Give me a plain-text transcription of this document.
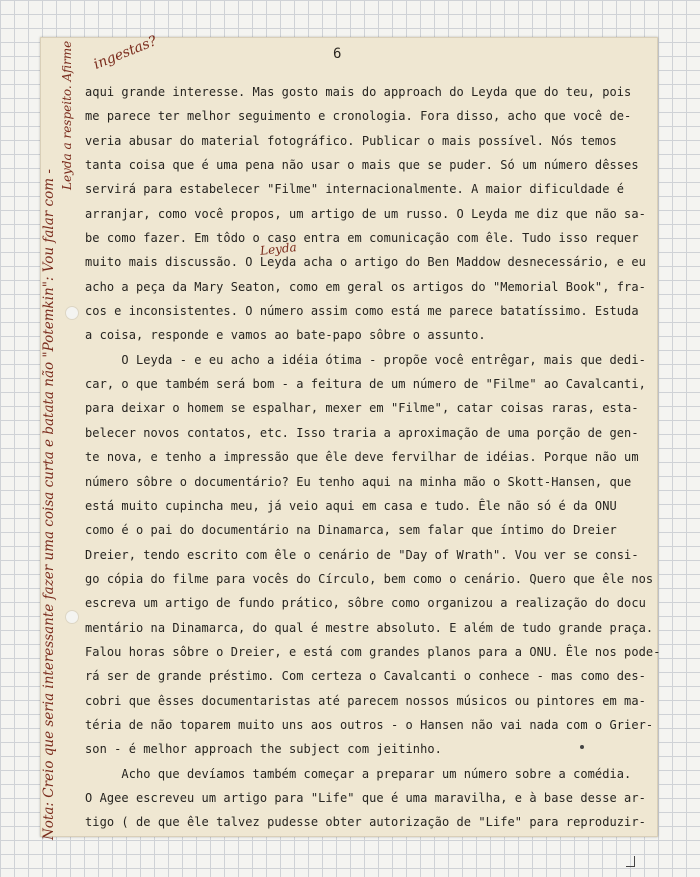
6
aqui grande interesse. Mas gosto mais do approach do Leyda que do teu, pois
me parece ter melhor seguimento e cronologia. Fora disso, acho que você de-
veria abusar do material fotográfico. Publicar o mais possível. Nós temos
tanta coisa que é uma pena não usar o mais que se puder. Só um número dêsses
servirá para estabelecer "Filme" internacionalmente. A maior dificuldade é
arranjar, como você propos, um artigo de um russo. O Leyda me diz que não sa-
be como fazer. Em tôdo o caso entra em comunicação com êle. Tudo isso requer
muito mais discussão. O Leyda acha o artigo do Ben Maddow desnecessário, e eu
acho a peça da Mary Seaton, como em geral os artigos do "Memorial Book", fra-
cos e inconsistentes. O número assim como está me parece batatíssimo. Estuda
a coisa, responde e vamos ao bate-papo sôbre o assunto.
O Leyda - e eu acho a idéia ótima - propõe você entrêgar, mais que dedi-
car, o que também será bom - a feitura de um número de "Filme" ao Cavalcanti,
para deixar o homem se espalhar, mexer em "Filme", catar coisas raras, esta-
belecer novos contatos, etc. Isso traria a aproximação de uma porção de gen-
te nova, e tenho a impressão que êle deve fervilhar de idéias. Porque não um
número sôbre o documentário? Eu tenho aqui na minha mão o Skott-Hansen, que
está muito cupincha meu, já veio aqui em casa e tudo. Êle não só é da ONU
como é o pai do documentário na Dinamarca, sem falar que íntimo do Dreier
Dreier, tendo escrito com êle o cenário de "Day of Wrath". Vou ver se consi-
go cópia do filme para vocês do Círculo, bem como o cenário. Quero que êle nos
escreva um artigo de fundo prático, sôbre como organizou a realização do docu
mentário na Dinamarca, do qual é mestre absoluto. E além de tudo grande praça.
Falou horas sôbre o Dreier, e está com grandes planos para a ONU. Êle nos pode-
rá ser de grande préstimo. Com certeza o Cavalcanti o conhece - mas como des-
cobri que êsses documentaristas até parecem nossos músicos ou pintores em ma-
téria de não toparem muito uns aos outros - o Hansen não vai nada com o Grier-
son - é melhor approach the subject com jeitinho.
Acho que devíamos também começar a preparar um número sobre a comédia.
O Agee escreveu um artigo para "Life" que é uma maravilha, e à base desse ar-
tigo ( de que êle talvez pudesse obter autorização de "Life" para reproduzir-
ingestas?
Leyda
Nota: Creio que seria interessante fazer uma coisa curta e batata não "Potemkin": Vou falar com -
Leyda a respeito. Afirme
